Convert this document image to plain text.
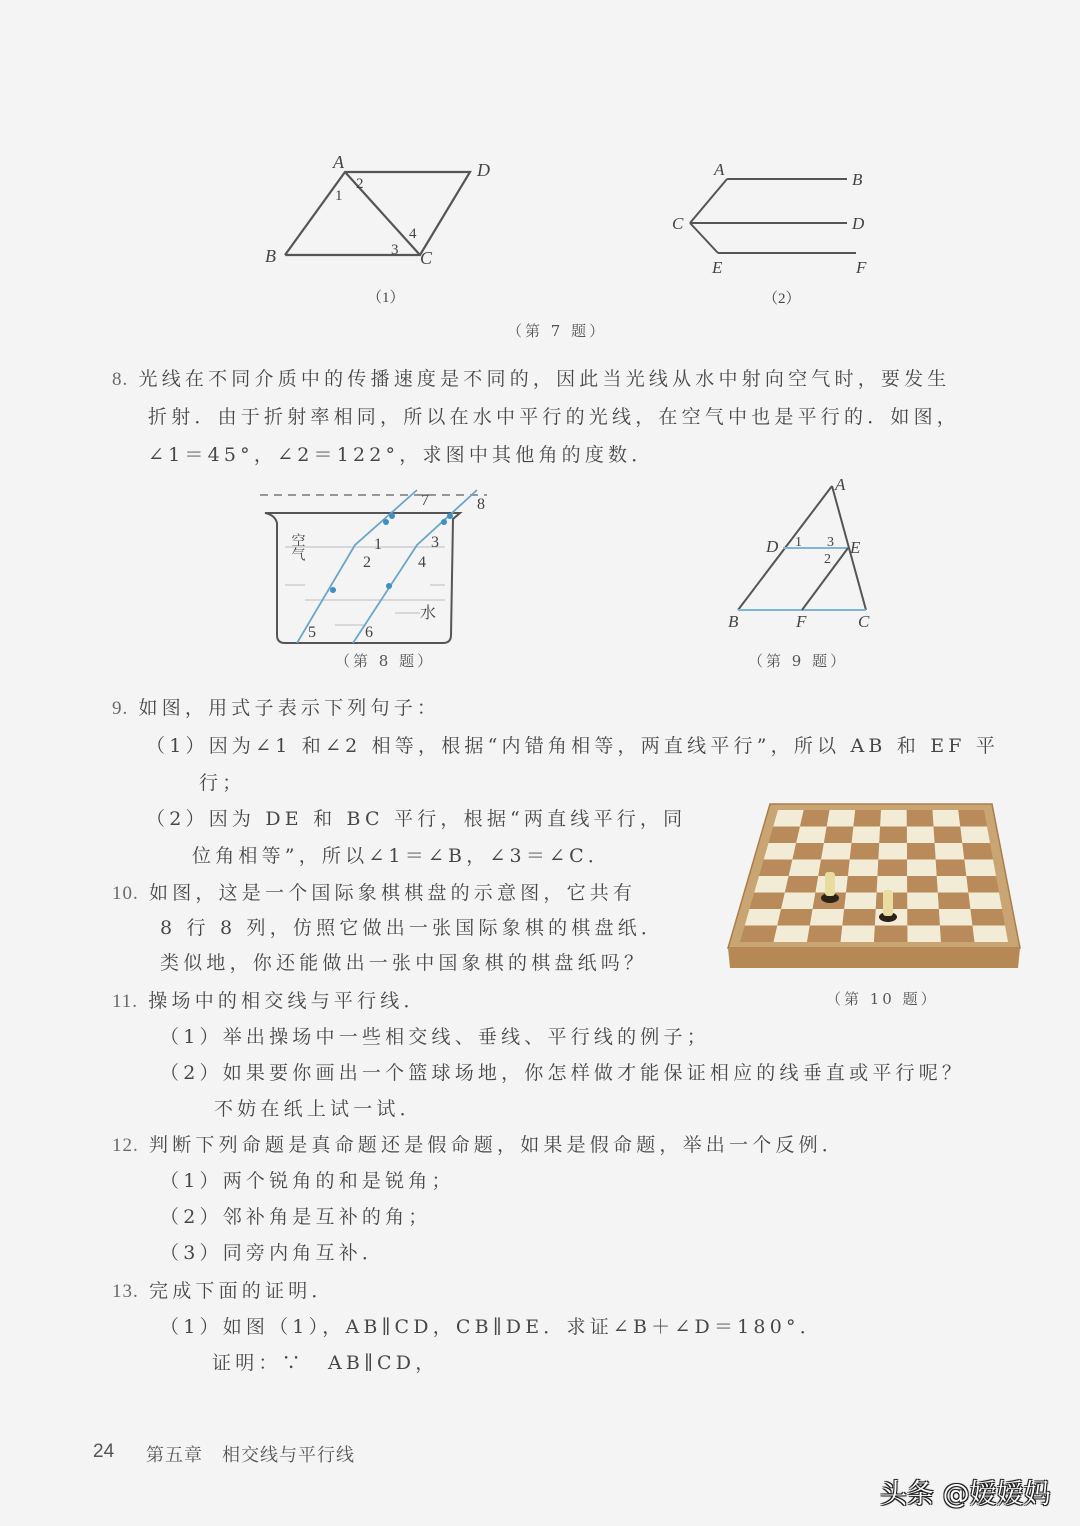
A
B	C
D
1
2
3
4
（1）
A
B
C	D
E	F
（2）
（第 7 题）
8. 光线在不同介质中的传播速度是不同的，因此当光线从水中射向空气时，要发生
折射．由于折射率相同，所以在水中平行的光线，在空气中也是平行的．如图，
∠1＝45°，∠2＝122°，求图中其他角的度数．
1
2
3
4
5	6
7	8
空气
水
（第 8 题）
A
B	C
D	E
F
1
2
3
（第 9 题）
9. 如图，用式子表示下列句子：
（1）因为∠1 和∠2 相等，根据“内错角相等，两直线平行”，所以 AB 和 EF 平
行；
（2）因为 DE 和 BC 平行，根据“两直线平行，同
位角相等”，所以∠1＝∠B，∠3＝∠C．
10. 如图，这是一个国际象棋棋盘的示意图，它共有
8 行 8 列，仿照它做出一张国际象棋的棋盘纸．
类似地，你还能做出一张中国象棋的棋盘纸吗？
（第 10 题）
11. 操场中的相交线与平行线．
（1）举出操场中一些相交线、垂线、平行线的例子；
（2）如果要你画出一个篮球场地，你怎样做才能保证相应的线垂直或平行呢？
不妨在纸上试一试．
12. 判断下列命题是真命题还是假命题，如果是假命题，举出一个反例．
（1）两个锐角的和是锐角；
（2）邻补角是互补的角；
（3）同旁内角互补．
13. 完成下面的证明．
（1）如图（1），AB∥CD，CB∥DE．求证∠B＋∠D＝180°．
证明：∵　AB∥CD，
24 第五章　相交线与平行线
头条 @嫒嫒妈
